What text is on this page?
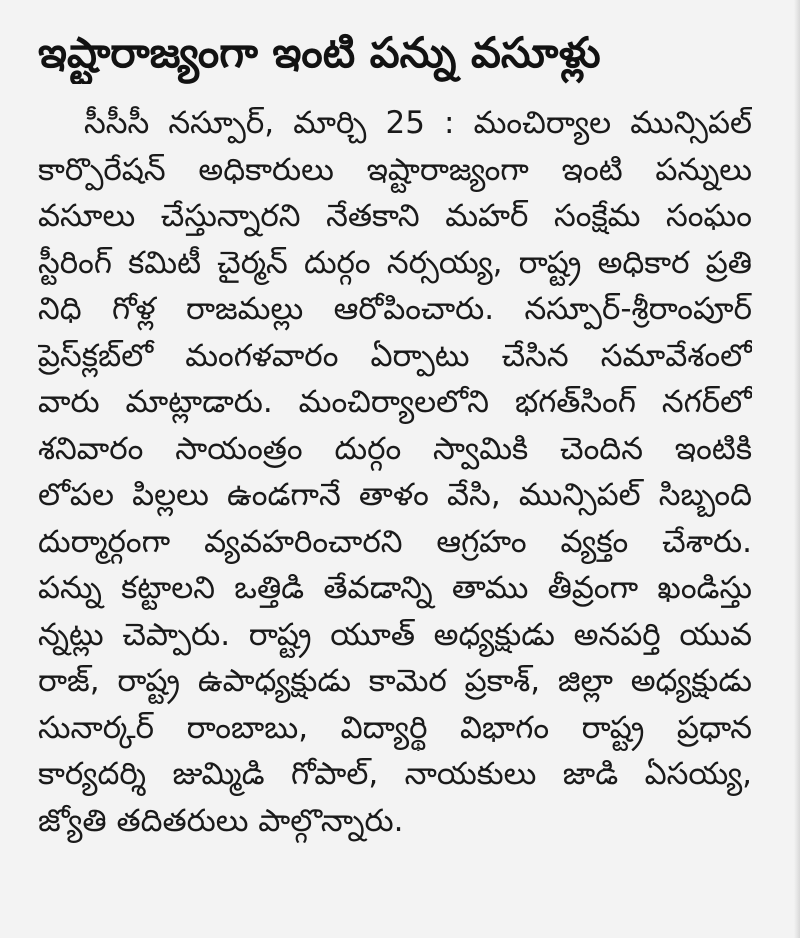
ఇష్టారాజ్యంగా ఇంటి పన్ను వసూళ్లు
సీసీసీ నస్పూర్, మార్చి 25 : మంచిర్యాల మున్సిపల్
కార్పొరేషన్ అధికారులు ఇష్టారాజ్యంగా ఇంటి పన్నులు
వసూలు చేస్తున్నారని నేతకాని మహర్ సంక్షేమ సంఘం
స్టీరింగ్ కమిటీ చైర్మన్ దుర్గం నర్సయ్య, రాష్ట్ర అధికార ప్రతి
నిధి గోళ్ల రాజమల్లు ఆరోపించారు. నస్పూర్-శ్రీరాంపూర్
ప్రెస్‌క్లబ్‌లో మంగళవారం ఏర్పాటు చేసిన సమావేశంలో
వారు మాట్లాడారు. మంచిర్యాలలోని భగత్‌సింగ్ నగర్‌లో
శనివారం సాయంత్రం దుర్గం స్వామికి చెందిన ఇంటికి
లోపల పిల్లలు ఉండగానే తాళం వేసి, మున్సిపల్ సిబ్బంది
దుర్మార్గంగా వ్యవహరించారని ఆగ్రహం వ్యక్తం చేశారు.
పన్ను కట్టాలని ఒత్తిడి తేవడాన్ని తాము తీవ్రంగా ఖండిస్తు
న్నట్లు చెప్పారు. రాష్ట్ర యూత్ అధ్యక్షుడు అనపర్తి యువ
రాజ్, రాష్ట్ర ఉపాధ్యక్షుడు కామెర ప్రకాశ్, జిల్లా అధ్యక్షుడు
సునార్కర్ రాంబాబు, విద్యార్థి విభాగం రాష్ట్ర ప్రధాన
కార్యదర్శి జుమ్మిడి గోపాల్, నాయకులు జాడి ఏసయ్య,
జ్యోతి తదితరులు పాల్గొన్నారు.
